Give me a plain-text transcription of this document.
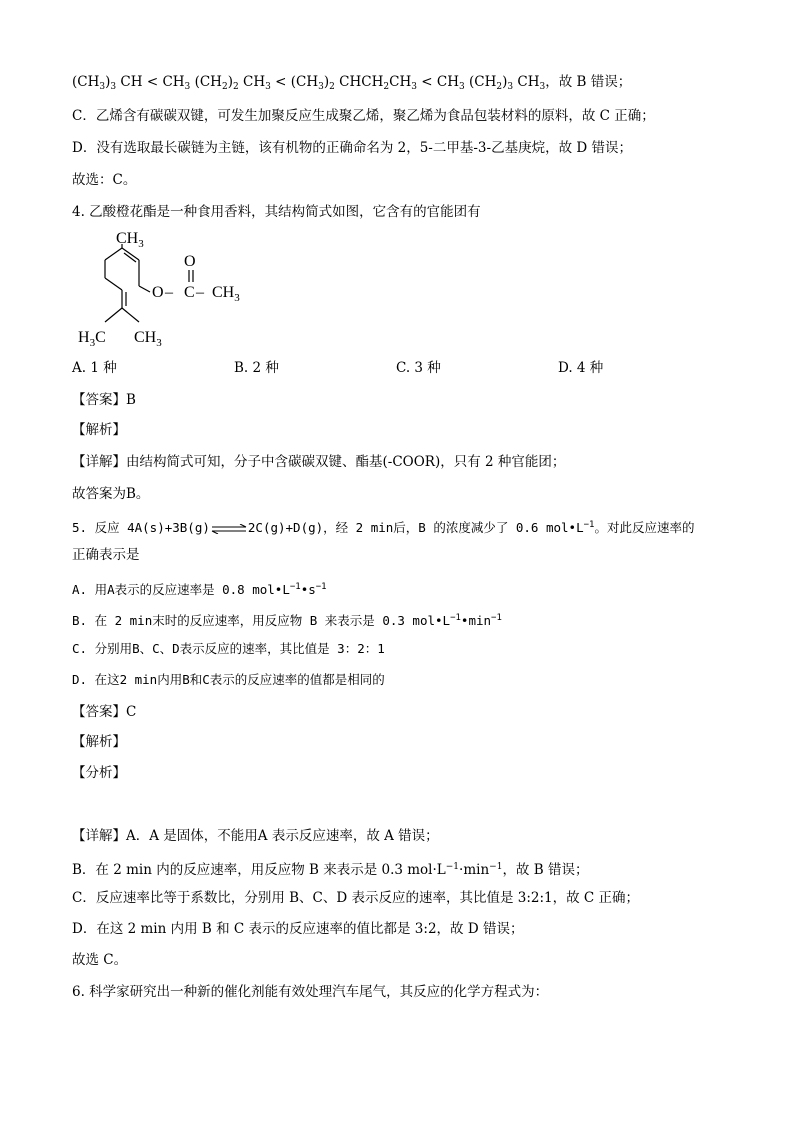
$(CH_3)_3$ CH < $CH_3$ $(CH_2)_2$ $CH_3 < (CH_3)_2$ $CHCH_2CH_3 < CH_3$ $(CH_2)_3$ $CH_3$，故 B 错误；
C．乙烯含有碳碳双键，可发生加聚反应生成聚乙烯，聚乙烯为食品包装材料的原料，故 C 正确；
D．没有选取最长碳链为主链，该有机物的正确命名为 2，5-二甲基-3-乙基庚烷，故 D 错误；
故选：C。
4. 乙酸橙花酯是一种食用香料，其结构简式如图，它含有的官能团有
$CH_3$
O – C
O
– $CH_3$
$H_3C$ $CH_3$
A. 1 种	B. 2 种	C. 3 种	D. 4 种
【答案】B
【解析】
【详解】由结构简式可知，分子中含碳碳双键、酯基(-COOR)，只有 2 种官能团；
故答案为B。
5. 反应 4A(s)+3B(g)⇌2C(g)+D(g)，经 2 min后，B 的浓度减少了 0.6 $mol•L^{-1}$。对此反应速率的
正确表示是
A. 用A表示的反应速率是 0.8 $mol•L^{-1}•s^{-1}$
B. 在 2 min末时的反应速率，用反应物 B 来表示是 0.3 $mol•L^{-1}•\min^{-1}$
C. 分别用B、C、D表示反应的速率，其比值是 3：2：1
D. 在这2 min内用B和C表示的反应速率的值都是相同的
【答案】C
【解析】
【分析】
【详解】A．A 是固体，不能用A 表示反应速率，故 A 错误；
B．在 2 min 内的反应速率，用反应物 B 来表示是 0.3 $mol\cdot L^{-1}\cdot\min^{-1}$，故 B 错误；
C．反应速率比等于系数比，分别用 B、C、D 表示反应的速率，其比值是 3:2:1，故 C 正确；
D．在这 2 min 内用 B 和 C 表示的反应速率的值比都是 3:2，故 D 错误；
故选 C。
6. 科学家研究出一种新的催化剂能有效处理汽车尾气，其反应的化学方程式为：
